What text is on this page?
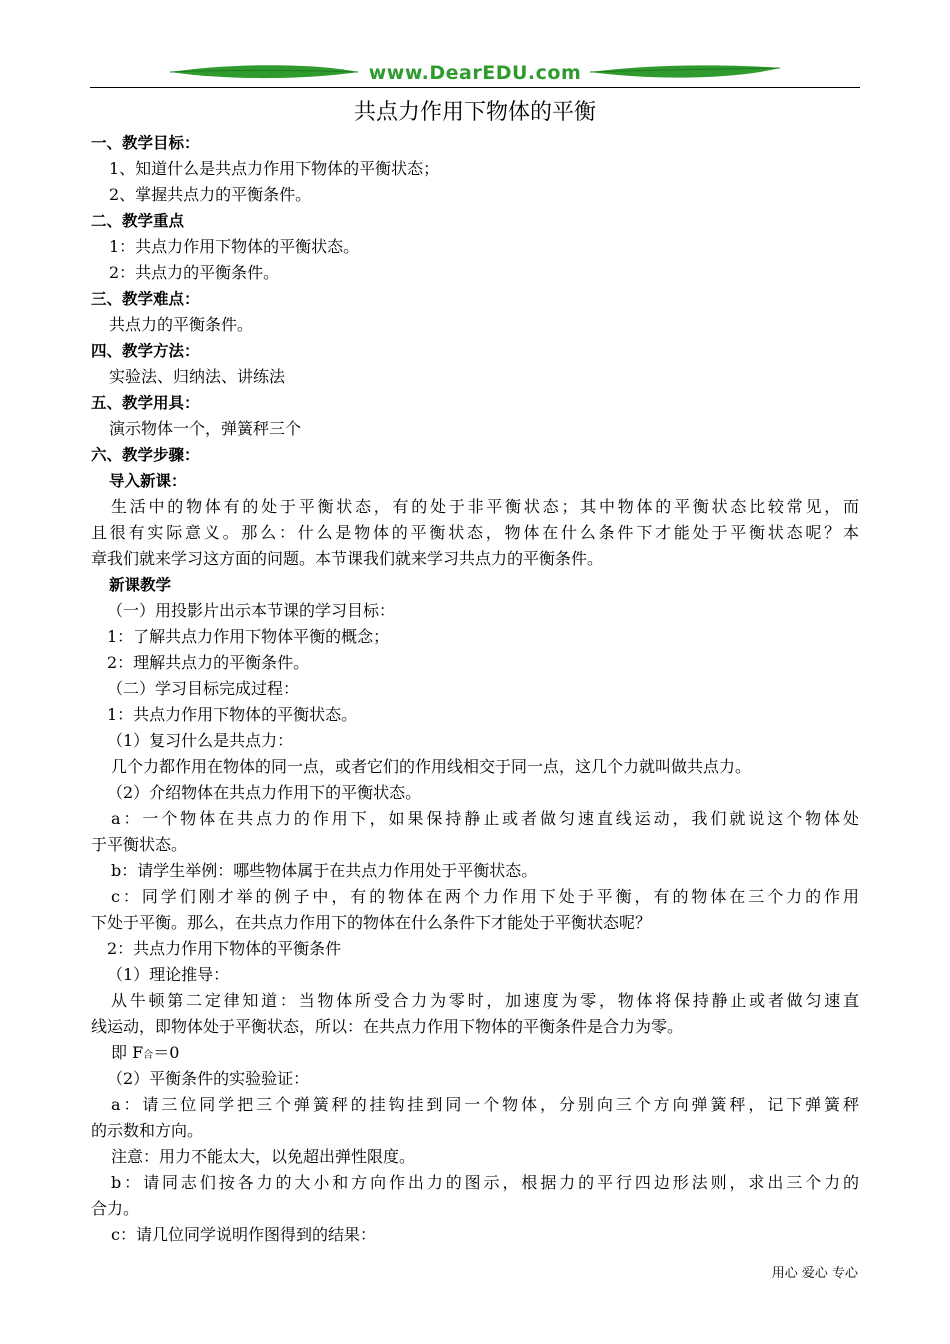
www.DearEDU.com
共点力作用下物体的平衡
一、教学目标：
1、知道什么是共点力作用下物体的平衡状态；
2、掌握共点力的平衡条件。
二、教学重点
1：共点力作用下物体的平衡状态。
2：共点力的平衡条件。
三、教学难点：
共点力的平衡条件。
四、教学方法：
实验法、归纳法、讲练法
五、教学用具：
演示物体一个，弹簧秤三个
六、教学步骤：
导入新课：
生活中的物体有的处于平衡状态，有的处于非平衡状态；其中物体的平衡状态比较常见，而
且很有实际意义。那么：什么是物体的平衡状态，物体在什么条件下才能处于平衡状态呢？本
章我们就来学习这方面的问题。本节课我们就来学习共点力的平衡条件。
新课教学
（一）用投影片出示本节课的学习目标：
1：了解共点力作用下物体平衡的概念；
2：理解共点力的平衡条件。
（二）学习目标完成过程：
1：共点力作用下物体的平衡状态。
（1）复习什么是共点力：
几个力都作用在物体的同一点，或者它们的作用线相交于同一点，这几个力就叫做共点力。
（2）介绍物体在共点力作用下的平衡状态。
a：一个物体在共点力的作用下，如果保持静止或者做匀速直线运动，我们就说这个物体处
于平衡状态。
b：请学生举例：哪些物体属于在共点力作用处于平衡状态。
c：同学们刚才举的例子中，有的物体在两个力作用下处于平衡，有的物体在三个力的作用
下处于平衡。那么，在共点力作用下的物体在什么条件下才能处于平衡状态呢？
2：共点力作用下物体的平衡条件
（1）理论推导：
从牛顿第二定律知道：当物体所受合力为零时，加速度为零，物体将保持静止或者做匀速直
线运动，即物体处于平衡状态，所以：在共点力作用下物体的平衡条件是合力为零。
即 F合＝0
（2）平衡条件的实验验证：
a：请三位同学把三个弹簧秤的挂钩挂到同一个物体，分别向三个方向弹簧秤，记下弹簧秤
的示数和方向。
注意：用力不能太大，以免超出弹性限度。
b：请同志们按各力的大小和方向作出力的图示，根据力的平行四边形法则，求出三个力的
合力。
c：请几位同学说明作图得到的结果：
用心 爱心 专心
